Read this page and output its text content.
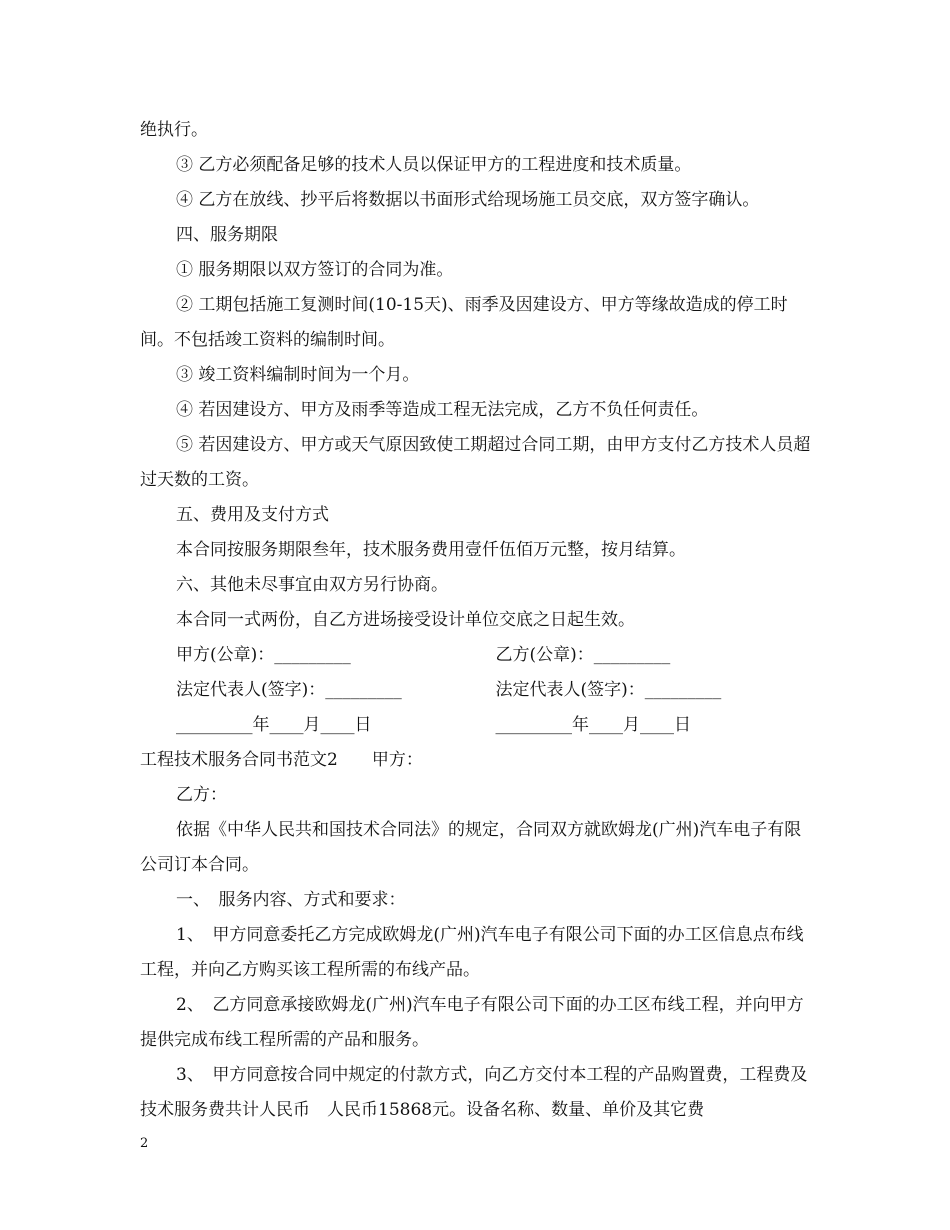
绝执行。

③ 乙方必须配备足够的技术人员以保证甲方的工程进度和技术质量。

④ 乙方在放线、抄平后将数据以书面形式给现场施工员交底，双方签字确认。

四、服务期限

① 服务期限以双方签订的合同为准。

② 工期包括施工复测时间(10-15天)、雨季及因建设方、甲方等缘故造成的停工时间。不包括竣工资料的编制时间。

③ 竣工资料编制时间为一个月。

④ 若因建设方、甲方及雨季等造成工程无法完成，乙方不负任何责任。

⑤ 若因建设方、甲方或天气原因致使工期超过合同工期，由甲方支付乙方技术人员超过天数的工资。

五、费用及支付方式

本合同按服务期限叁年，技术服务费用壹仟伍佰万元整，按月结算。

六、其他未尽事宜由双方另行协商。

本合同一式两份，自乙方进场接受设计单位交底之日起生效。

甲方(公章)：_________	乙方(公章)：_________
法定代表人(签字)：_________	法定代表人(签字)：_________
_________年____月____日	_________年____月____日

工程技术服务合同书范文2　　甲方：

乙方：

依据《中华人民共和国技术合同法》的规定，合同双方就欧姆龙(广州)汽车电子有限公司订本合同。

一、　服务内容、方式和要求：

1、　甲方同意委托乙方完成欧姆龙(广州)汽车电子有限公司下面的办工区信息点布线工程，并向乙方购买该工程所需的布线产品。

2、　乙方同意承接欧姆龙(广州)汽车电子有限公司下面的办工区布线工程，并向甲方提供完成布线工程所需的产品和服务。

3、　甲方同意按合同中规定的付款方式，向乙方交付本工程的产品购置费，工程费及技术服务费共计人民币　人民币15868元。设备名称、数量、单价及其它费

2
